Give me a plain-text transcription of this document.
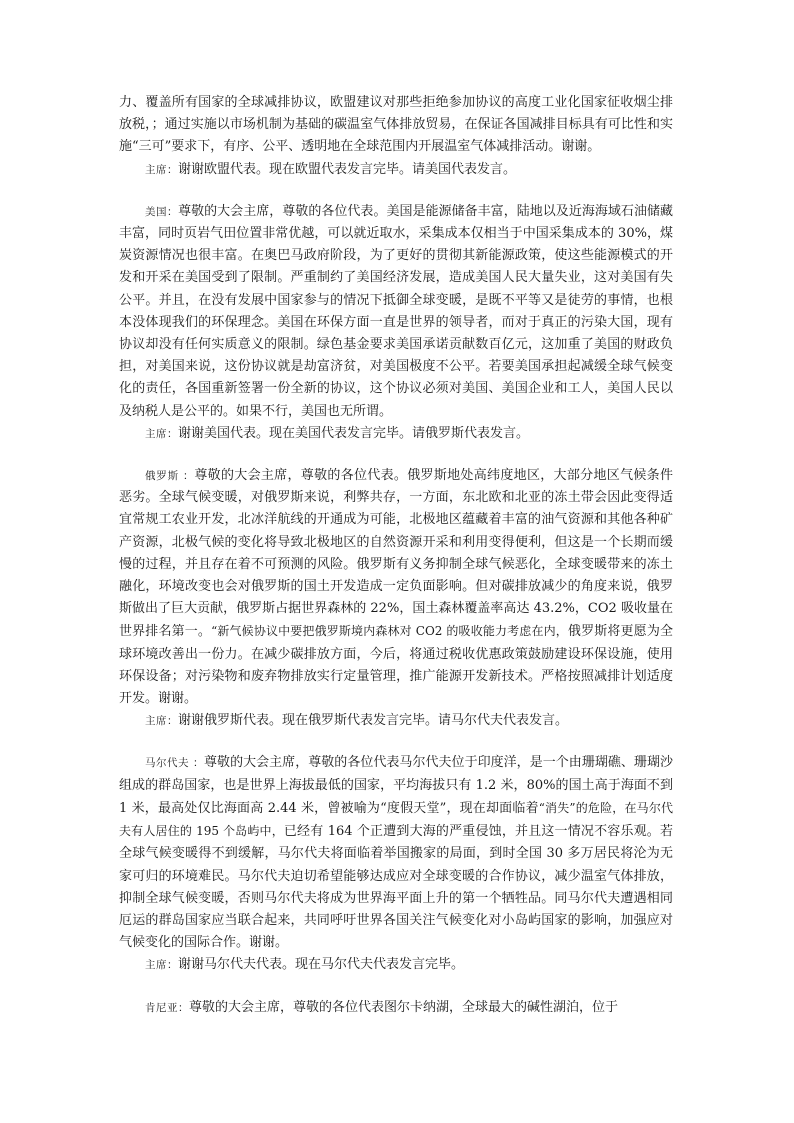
力、覆盖所有国家的全球减排协议，欧盟建议对那些拒绝参加协议的高度工业化国家征收烟尘排放税，；通过实施以市场机制为基础的碳温室气体排放贸易，在保证各国减排目标具有可比性和实施“三可”要求下，有序、公平、透明地在全球范围内开展温室气体减排活动。谢谢。

主席：谢谢欧盟代表。现在欧盟代表发言完毕。请美国代表发言。

美国：尊敬的大会主席，尊敬的各位代表。美国是能源储备丰富，陆地以及近海海域石油储藏丰富，同时页岩气田位置非常优越，可以就近取水，采集成本仅相当于中国采集成本的 30%，煤炭资源情况也很丰富。在奥巴马政府阶段，为了更好的贯彻其新能源政策，使这些能源模式的开发和开采在美国受到了限制。严重制约了美国经济发展，造成美国人民大量失业，这对美国有失公平。并且，在没有发展中国家参与的情况下抵御全球变暖，是既不平等又是徒劳的事情，也根本没体现我们的环保理念。美国在环保方面一直是世界的领导者，而对于真正的污染大国，现有协议却没有任何实质意义的限制。绿色基金要求美国承诺贡献数百亿元，这加重了美国的财政负担，对美国来说，这份协议就是劫富济贫，对美国极度不公平。若要美国承担起减缓全球气候变化的责任，各国重新签署一份全新的协议，这个协议必须对美国、美国企业和工人，美国人民以及纳税人是公平的。如果不行，美国也无所谓。

主席：谢谢美国代表。现在美国代表发言完毕。请俄罗斯代表发言。

俄罗斯 ：尊敬的大会主席，尊敬的各位代表。俄罗斯地处高纬度地区，大部分地区气候条件恶劣。全球气候变暖，对俄罗斯来说，利弊共存，一方面，东北欧和北亚的冻土带会因此变得适宜常规工农业开发，北冰洋航线的开通成为可能，北极地区蕴藏着丰富的油气资源和其他各种矿产资源，北极气候的变化将导致北极地区的自然资源开采和利用变得便利，但这是一个长期而缓慢的过程，并且存在着不可预测的风险。俄罗斯有义务抑制全球气候恶化，全球变暖带来的冻土融化，环境改变也会对俄罗斯的国土开发造成一定负面影响。但对碳排放减少的角度来说，俄罗斯做出了巨大贡献，俄罗斯占据世界森林的 22%，国土森林覆盖率高达 43.2%，CO2 吸收量在世界排名第一。“新气候协议中要把俄罗斯境内森林对 CO2 的吸收能力考虑在内，俄罗斯将更愿为全球环境改善出一份力。在减少碳排放方面，今后，将通过税收优惠政策鼓励建设环保设施，使用环保设备；对污染物和废弃物排放实行定量管理，推广能源开发新技术。严格按照减排计划适度开发。谢谢。

主席：谢谢俄罗斯代表。现在俄罗斯代表发言完毕。请马尔代夫代表发言。

马尔代夫 ：尊敬的大会主席，尊敬的各位代表马尔代夫位于印度洋，是一个由珊瑚礁、珊瑚沙组成的群岛国家，也是世界上海拔最低的国家，平均海拔只有 1.2 米，80%的国土高于海面不到 1 米，最高处仅比海面高 2.44 米，曾被喻为“度假天堂”，现在却面临着“消失”的危险，在马尔代夫有人居住的 195 个岛屿中，已经有 164 个正遭到大海的严重侵蚀，并且这一情况不容乐观。若全球气候变暖得不到缓解，马尔代夫将面临着举国搬家的局面，到时全国 30 多万居民将沦为无家可归的环境难民。马尔代夫迫切希望能够达成应对全球变暖的合作协议，减少温室气体排放，抑制全球气候变暖，否则马尔代夫将成为世界海平面上升的第一个牺牲品。同马尔代夫遭遇相同厄运的群岛国家应当联合起来，共同呼吁世界各国关注气候变化对小岛屿国家的影响，加强应对气候变化的国际合作。谢谢。

主席：谢谢马尔代夫代表。现在马尔代夫代表发言完毕。

肯尼亚：尊敬的大会主席，尊敬的各位代表图尔卡纳湖，全球最大的碱性湖泊，位于
